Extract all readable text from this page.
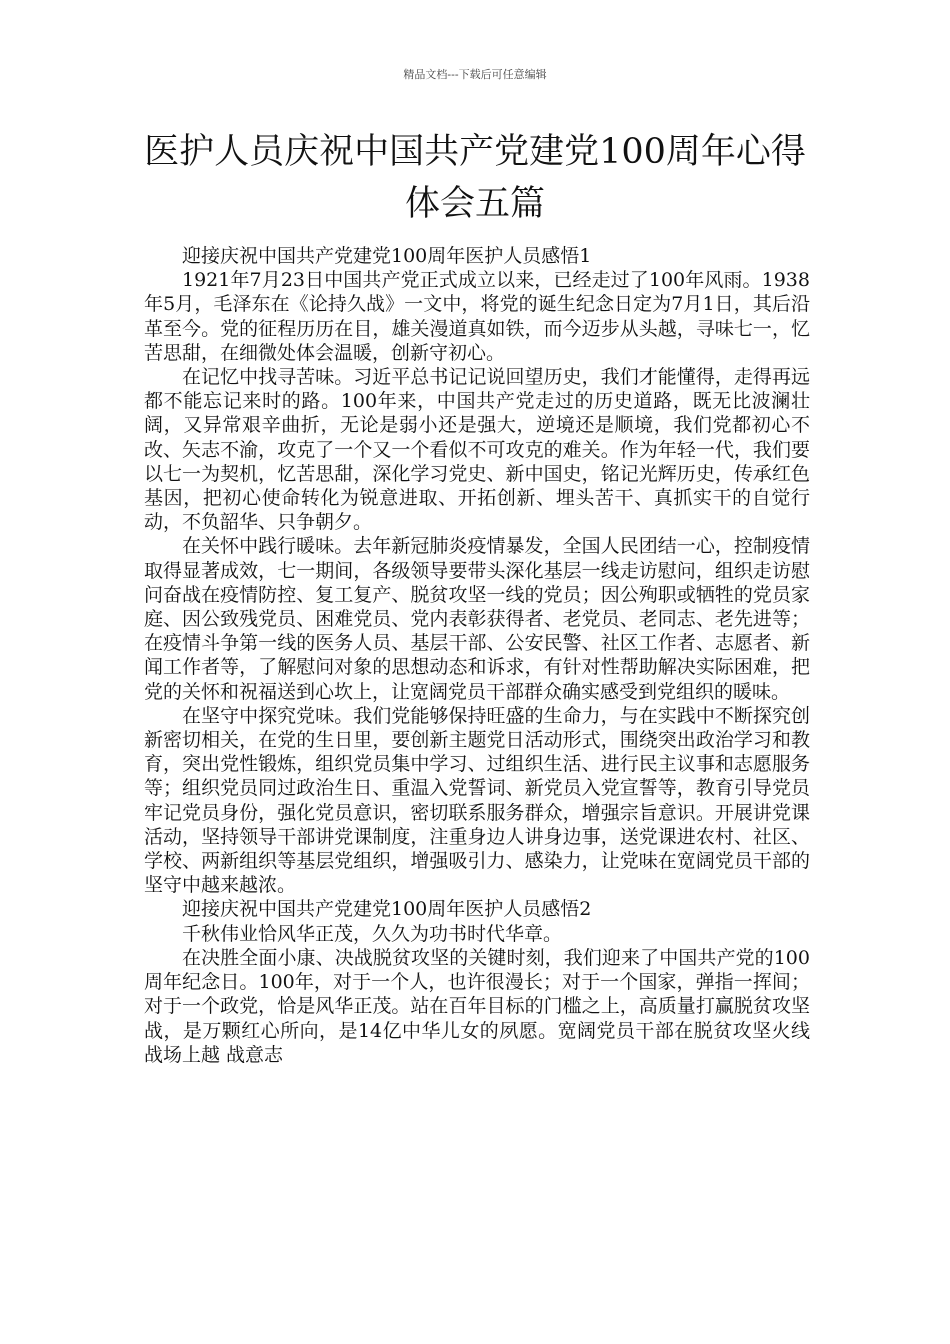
精品文档---下载后可任意编辑
医护人员庆祝中国共产党建党100周年心得体会五篇

迎接庆祝中国共产党建党100周年医护人员感悟1

1921年7月23日中国共产党正式成立以来，已经走过了100年风雨。1938年5月，毛泽东在《论持久战》一文中，将党的诞生纪念日定为7月1日，其后沿革至今。党的征程历历在目，雄关漫道真如铁，而今迈步从头越，寻味七一，忆苦思甜，在细微处体会温暖，创新守初心。

在记忆中找寻苦味。习近平总书记记说回望历史，我们才能懂得，走得再远都不能忘记来时的路。100年来，中国共产党走过的历史道路，既无比波澜壮阔，又异常艰辛曲折，无论是弱小还是强大，逆境还是顺境，我们党都初心不改、矢志不渝，攻克了一个又一个看似不可攻克的难关。作为年轻一代，我们要以七一为契机，忆苦思甜，深化学习党史、新中国史，铭记光辉历史，传承红色基因，把初心使命转化为锐意进取、开拓创新、埋头苦干、真抓实干的自觉行动，不负韶华、只争朝夕。

在关怀中践行暖味。去年新冠肺炎疫情暴发，全国人民团结一心，控制疫情取得显著成效，七一期间，各级领导要带头深化基层一线走访慰问，组织走访慰问奋战在疫情防控、复工复产、脱贫攻坚一线的党员；因公殉职或牺牲的党员家庭、因公致残党员、困难党员、党内表彰获得者、老党员、老同志、老先进等；在疫情斗争第一线的医务人员、基层干部、公安民警、社区工作者、志愿者、新闻工作者等，了解慰问对象的思想动态和诉求，有针对性帮助解决实际困难，把党的关怀和祝福送到心坎上，让宽阔党员干部群众确实感受到党组织的暖味。

在坚守中探究党味。我们党能够保持旺盛的生命力，与在实践中不断探究创新密切相关，在党的生日里，要创新主题党日活动形式，围绕突出政治学习和教育，突出党性锻炼，组织党员集中学习、过组织生活、进行民主议事和志愿服务等；组织党员同过政治生日、重温入党誓词、新党员入党宣誓等，教育引导党员牢记党员身份，强化党员意识，密切联系服务群众，增强宗旨意识。开展讲党课活动，坚持领导干部讲党课制度，注重身边人讲身边事，送党课进农村、社区、学校、两新组织等基层党组织，增强吸引力、感染力，让党味在宽阔党员干部的坚守中越来越浓。

迎接庆祝中国共产党建党100周年医护人员感悟2

千秋伟业恰风华正茂，久久为功书时代华章。

在决胜全面小康、决战脱贫攻坚的关键时刻，我们迎来了中国共产党的100周年纪念日。100年，对于一个人，也许很漫长；对于一个国家，弹指一挥间；对于一个政党，恰是风华正茂。站在百年目标的门槛之上，高质量打赢脱贫攻坚战，是万颗红心所向，是14亿中华儿女的夙愿。宽阔党员干部在脱贫攻坚火线战场上越 战意志
